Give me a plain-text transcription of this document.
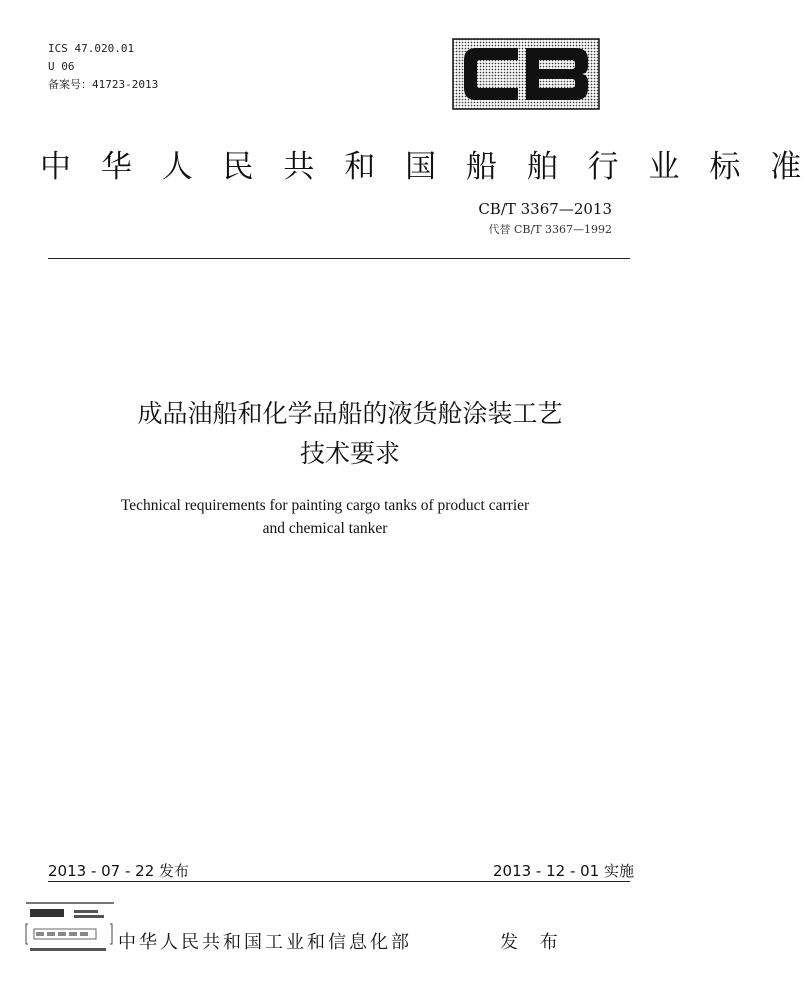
ICS 47.020.01
U 06
备案号：41723-2013
中 华 人 民 共 和 国 船 舶 行 业 标 准
CB/T 3367—2013
代替 CB/T 3367—1992
成品油船和化学品船的液货舱涂装工艺
技术要求
Technical requirements for painting cargo tanks of product carrier
and chemical tanker
2013 - 07 - 22 发布	2013 - 12 - 01 实施
中华人民共和国工业和信息化部	发 布
